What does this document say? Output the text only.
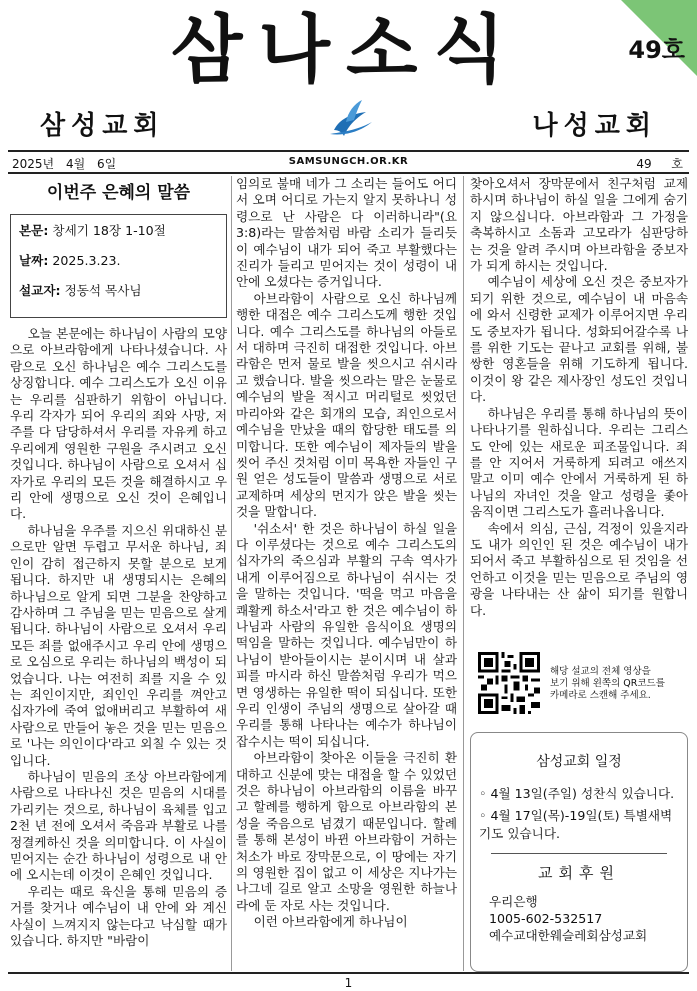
49호
삼나소식
삼성교회	나성교회
2025년 4월 6일	SAMSUNGCH.OR.KR	49 호
이번주 은혜의 말씀
본문: 창세기 18장 1-10절
날짜: 2025.3.23.
설교자: 정동석 목사님

오늘 본문에는 하나님이 사람의 모양으로 아브라함에게 나타나셨습니다. 사람으로 오신 하나님은 예수 그리스도를 상징합니다. 예수 그리스도가 오신 이유는 우리를 심판하기 위함이 아닙니다. 우리 각자가 되어 우리의 죄와 사망, 저주를 다 담당하셔서 우리를 자유케 하고 우리에게 영원한 구원을 주시려고 오신 것입니다. 하나님이 사람으로 오셔서 십자가로 우리의 모든 것을 해결하시고 우리 안에 생명으로 오신 것이 은혜입니다.

하나님을 우주를 지으신 위대하신 분으로만 알면 두렵고 무서운 하나님, 죄인이 감히 접근하지 못할 분으로 보게 됩니다. 하지만 내 생명되시는 은혜의 하나님으로 알게 되면 그분을 찬양하고 감사하며 그 주님을 믿는 믿음으로 살게 됩니다. 하나님이 사람으로 오셔서 우리 모든 죄를 없애주시고 우리 안에 생명으로 오심으로 우리는 하나님의 백성이 되었습니다. 나는 여전히 죄를 지을 수 있는 죄인이지만, 죄인인 우리를 껴안고 십자가에 죽여 없애버리고 부활하여 새사람으로 만들어 놓은 것을 믿는 믿음으로 '나는 의인이다'라고 외칠 수 있는 것입니다.

하나님이 믿음의 조상 아브라함에게 사람으로 나타나신 것은 믿음의 시대를 가리키는 것으로, 하나님이 육체를 입고 2천 년 전에 오셔서 죽음과 부활로 나를 정결케하신 것을 의미합니다. 이 사실이 믿어지는 순간 하나님이 성령으로 내 안에 오시는데 이것이 은혜인 것입니다.

우리는 때로 육신을 통해 믿음의 증거를 찾거나 예수님이 내 안에 와 계신 사실이 느껴지지 않는다고 낙심할 때가 있습니다. 하지만 "바람이

임의로 불매 네가 그 소리는 들어도 어디서 오며 어디로 가는지 알지 못하나니 성령으로 난 사람은 다 이러하니라"(요 3:8)라는 말씀처럼 바람 소리가 들리듯이 예수님이 내가 되어 죽고 부활했다는 진리가 들리고 믿어지는 것이 성령이 내 안에 오셨다는 증거입니다.

아브라함이 사람으로 오신 하나님께 행한 대접은 예수 그리스도께 행한 것입니다. 예수 그리스도를 하나님의 아들로서 대하며 극진히 대접한 것입니다. 아브라함은 먼저 물로 발을 씻으시고 쉬시라고 했습니다. 발을 씻으라는 말은 눈물로 예수님의 발을 적시고 머리털로 씻었던 마리아와 같은 회개의 모습, 죄인으로서 예수님을 만났을 때의 합당한 태도를 의미합니다. 또한 예수님이 제자들의 발을 씻어 주신 것처럼 이미 목욕한 자들인 구원 얻은 성도들이 말씀과 생명으로 서로 교제하며 세상의 먼지가 앉은 발을 씻는 것을 말합니다.

'쉬소서' 한 것은 하나님이 하실 일을 다 이루셨다는 것으로 예수 그리스도의 십자가의 죽으심과 부활의 구속 역사가 내게 이루어짐으로 하나님이 쉬시는 것을 말하는 것입니다. '떡을 먹고 마음을 쾌활케 하소서'라고 한 것은 예수님이 하나님과 사람의 유일한 음식이요 생명의 떡임을 말하는 것입니다. 예수님만이 하나님이 받아들이시는 분이시며 내 살과 피를 마시라 하신 말씀처럼 우리가 먹으면 영생하는 유일한 떡이 되십니다. 또한 우리 인생이 주님의 생명으로 살아갈 때 우리를 통해 나타나는 예수가 하나님이 잡수시는 떡이 되십니다.

아브라함이 찾아온 이들을 극진히 환대하고 신분에 맞는 대접을 할 수 있었던 것은 하나님이 아브라함의 이름을 바꾸고 할례를 행하게 함으로 아브라함의 본성을 죽음으로 넘겼기 때문입니다. 할례를 통해 본성이 바뀐 아브라함이 거하는 처소가 바로 장막문으로, 이 땅에는 자기의 영원한 집이 없고 이 세상은 지나가는 나그네 길로 알고 소망을 영원한 하늘나라에 둔 자로 사는 것입니다.

이런 아브라함에게 하나님이

찾아오셔서 장막문에서 친구처럼 교제하시며 하나님이 하실 일을 그에게 숨기지 않으십니다. 아브라함과 그 가정을 축복하시고 소돔과 고모라가 심판당하는 것을 알려 주시며 아브라함을 중보자가 되게 하시는 것입니다.

예수님이 세상에 오신 것은 중보자가 되기 위한 것으로, 예수님이 내 마음속에 와서 신령한 교제가 이루어지면 우리도 중보자가 됩니다. 성화되어갈수록 나를 위한 기도는 끝나고 교회를 위해, 불쌍한 영혼들을 위해 기도하게 됩니다. 이것이 왕 같은 제사장인 성도인 것입니다.

하나님은 우리를 통해 하나님의 뜻이 나타나기를 원하십니다. 우리는 그리스도 안에 있는 새로운 피조물입니다. 죄를 안 지어서 거룩하게 되려고 애쓰지 말고 이미 예수 안에서 거룩하게 된 하나님의 자녀인 것을 알고 성령을 좇아 움직이면 그리스도가 흘러나옵니다.

속에서 의심, 근심, 걱정이 있을지라도 내가 의인인 된 것은 예수님이 내가 되어서 죽고 부활하심으로 된 것임을 선언하고 이것을 믿는 믿음으로 주님의 영광을 나타내는 산 삶이 되기를 원합니다.

해당 설교의 전체 영상을
보기 위해 왼쪽의 QR코드를
카메라로 스캔해 주세요.
삼성교회 일정
◦ 4월 13일(주일) 성찬식 있습니다.
◦ 4월 17일(목)-19일(토) 특별새벽기도 있습니다.
교회후원
우리은행
1005-602-532517
예수교대한웨슬레회삼성교회
1
